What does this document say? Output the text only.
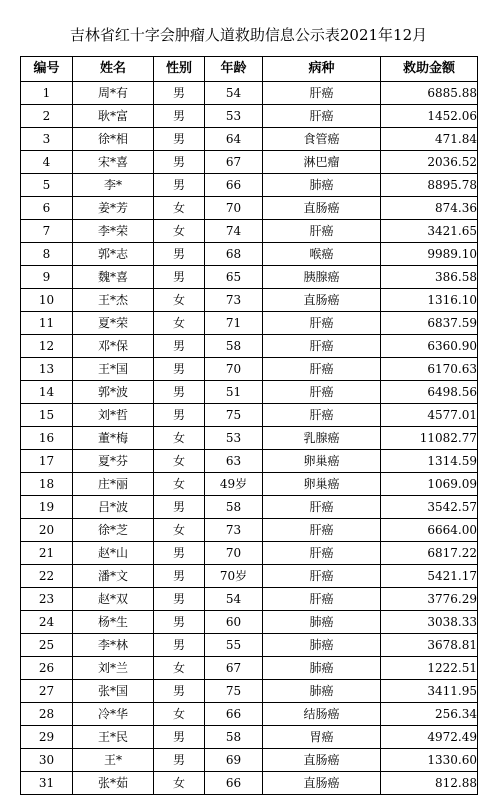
吉林省红十字会肿瘤人道救助信息公示表2021年12月
编号	姓名	性别	年龄	病种	救助金额
1	周*有	男	54	肝癌	6885.88
2	耿*富	男	53	肝癌	1452.06
3	徐*相	男	64	食管癌	471.84
4	宋*喜	男	67	淋巴瘤	2036.52
5	李*	男	66	肺癌	8895.78
6	姜*芳	女	70	直肠癌	874.36
7	李*荣	女	74	肝癌	3421.65
8	郭*志	男	68	喉癌	9989.10
9	魏*喜	男	65	胰腺癌	386.58
10	王*杰	女	73	直肠癌	1316.10
11	夏*荣	女	71	肝癌	6837.59
12	邓*保	男	58	肝癌	6360.90
13	王*国	男	70	肝癌	6170.63
14	郭*波	男	51	肝癌	6498.56
15	刘*哲	男	75	肝癌	4577.01
16	董*梅	女	53	乳腺癌	11082.77
17	夏*芬	女	63	卵巢癌	1314.59
18	庄*丽	女	49岁	卵巢癌	1069.09
19	吕*波	男	58	肝癌	3542.57
20	徐*芝	女	73	肝癌	6664.00
21	赵*山	男	70	肝癌	6817.22
22	潘*文	男	70岁	肝癌	5421.17
23	赵*双	男	54	肝癌	3776.29
24	杨*生	男	60	肺癌	3038.33
25	李*林	男	55	肺癌	3678.81
26	刘*兰	女	67	肺癌	1222.51
27	张*国	男	75	肺癌	3411.95
28	冷*华	女	66	结肠癌	256.34
29	王*民	男	58	胃癌	4972.49
30	王*	男	69	直肠癌	1330.60
31	张*茹	女	66	直肠癌	812.88
